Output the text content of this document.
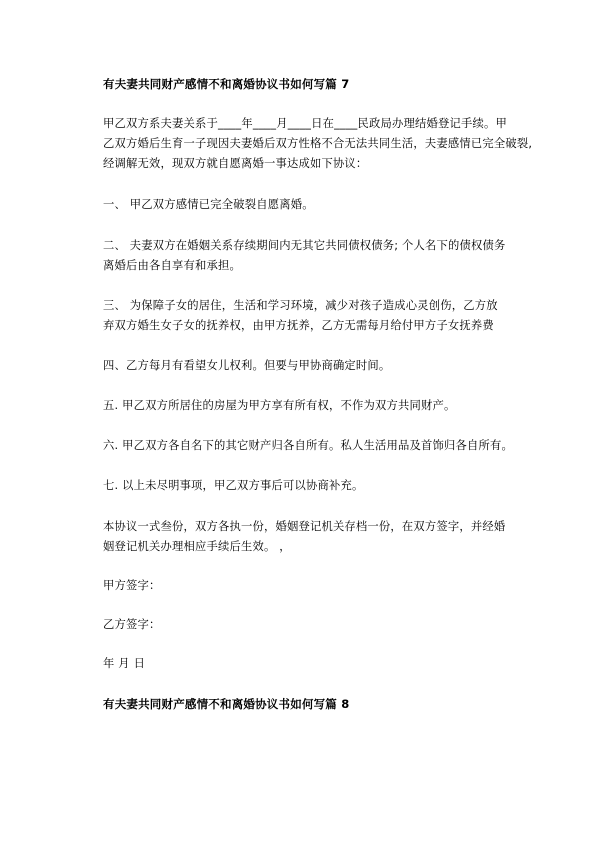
有夫妻共同财产感情不和离婚协议书如何写篇 7

甲乙双方系夫妻关系于____年____月____日在____民政局办理结婚登记手续。甲

乙双方婚后生育一子现因夫妻婚后双方性格不合无法共同生活，夫妻感情已完全破裂,

经调解无效，现双方就自愿离婚一事达成如下协议：

一、 甲乙双方感情已完全破裂自愿离婚。

二、 夫妻双方在婚姻关系存续期间内无其它共同债权债务; 个人名下的债权债务

离婚后由各自享有和承担。

三、 为保障子女的居住，生活和学习环境，减少对孩子造成心灵创伤，乙方放

弃双方婚生女子女的抚养权，由甲方抚养，乙方无需每月给付甲方子女抚养费

四、乙方每月有看望女儿权利。但要与甲协商确定时间。

五. 甲乙双方所居住的房屋为甲方享有所有权，不作为双方共同财产。

六. 甲乙双方各自名下的其它财产归各自所有。私人生活用品及首饰归各自所有。

七. 以上未尽明事项，甲乙双方事后可以协商补充。

本协议一式叁份，双方各执一份，婚姻登记机关存档一份，在双方签字，并经婚

姻登记机关办理相应手续后生效。 ，

甲方签字：

乙方签字：

年 月 日

有夫妻共同财产感情不和离婚协议书如何写篇 8
